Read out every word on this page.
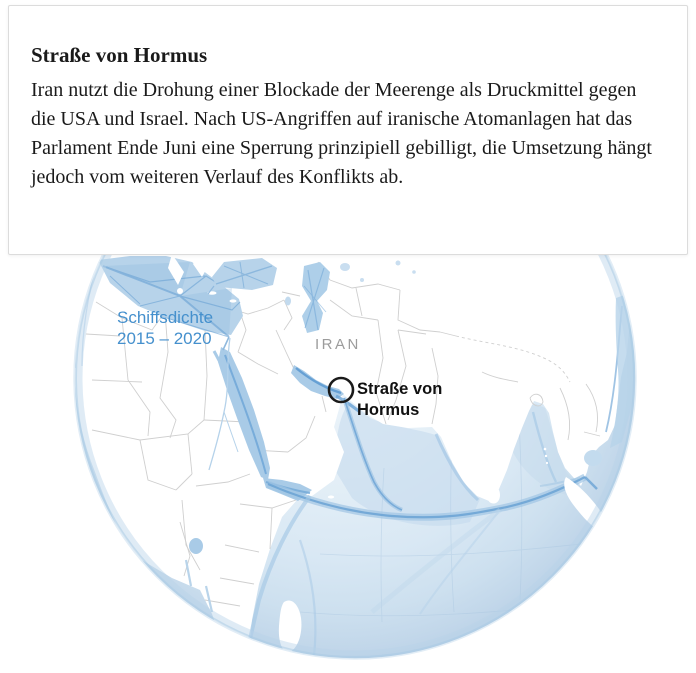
Schiffsdichte
2015 – 2020	IRAN
Straße von
Hormus
Straße von Hormus

Iran nutzt die Drohung einer Blockade der Meerenge als Druckmittel gegen die USA und Israel. Nach US-Angriffen auf iranische Atomanlagen hat das Parlament Ende Juni eine Sperrung prinzipiell gebilligt, die Umsetzung hängt jedoch vom weiteren Verlauf des Konflikts ab.
